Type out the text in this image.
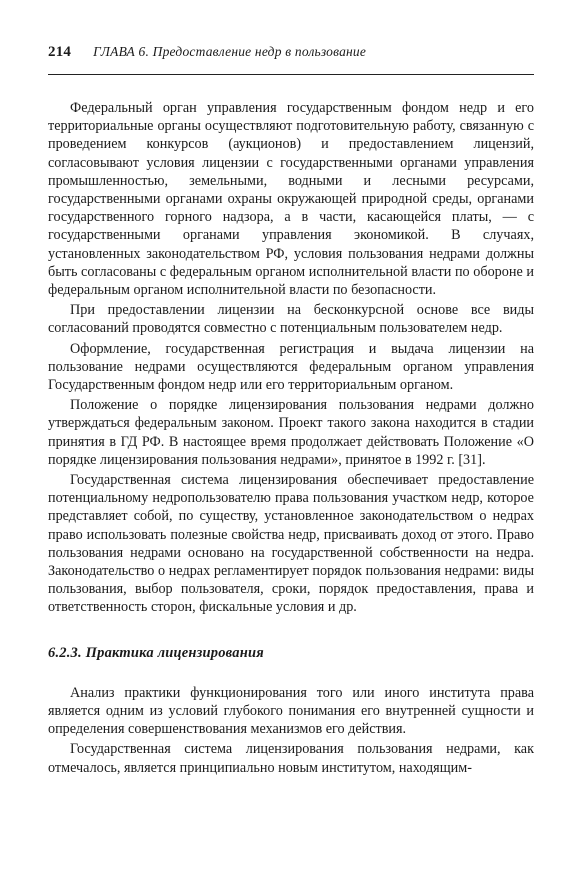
214 ГЛАВА 6. Предоставление недр в пользование

Федеральный орган управления государственным фондом недр и его территориальные органы осуществляют подготовительную работу, связанную с проведением конкурсов (аукционов) и предоставлением лицензий, согласовывают условия лицензии с государственными органами управления промышленностью, земельными, водными и лесными ресурсами, государственными органами охраны окружающей природной среды, органами государственного горного надзора, а в части, касающейся платы, — с государственными органами управления экономикой. В случаях, установленных законодательством РФ, условия пользования недрами должны быть согласованы с федеральным органом исполнительной власти по обороне и федеральным органом исполнительной власти по безопасности.

При предоставлении лицензии на бесконкурсной основе все виды согласований проводятся совместно с потенциальным пользователем недр.

Оформление, государственная регистрация и выдача лицензии на пользование недрами осуществляются федеральным органом управления Государственным фондом недр или его территориальным органом.

Положение о порядке лицензирования пользования недрами должно утверждаться федеральным законом. Проект такого закона находится в стадии принятия в ГД РФ. В настоящее время продолжает действовать Положение «О порядке лицензирования пользования недрами», принятое в 1992 г. [31].

Государственная система лицензирования обеспечивает предоставление потенциальному недропользователю права пользования участком недр, которое представляет собой, по существу, установленное законодательством о недрах право использовать полезные свойства недр, присваивать доход от этого. Право пользования недрами основано на государственной собственности на недра. Законодательство о недрах регламентирует порядок пользования недрами: виды пользования, выбор пользователя, сроки, порядок предоставления, права и ответственность сторон, фискальные условия и др.

6.2.3. Практика лицензирования

Анализ практики функционирования того или иного института права является одним из условий глубокого понимания его внутренней сущности и определения совершенствования механизмов его действия.

Государственная система лицензирования пользования недрами, как отмечалось, является принципиально новым институтом, находящим-
